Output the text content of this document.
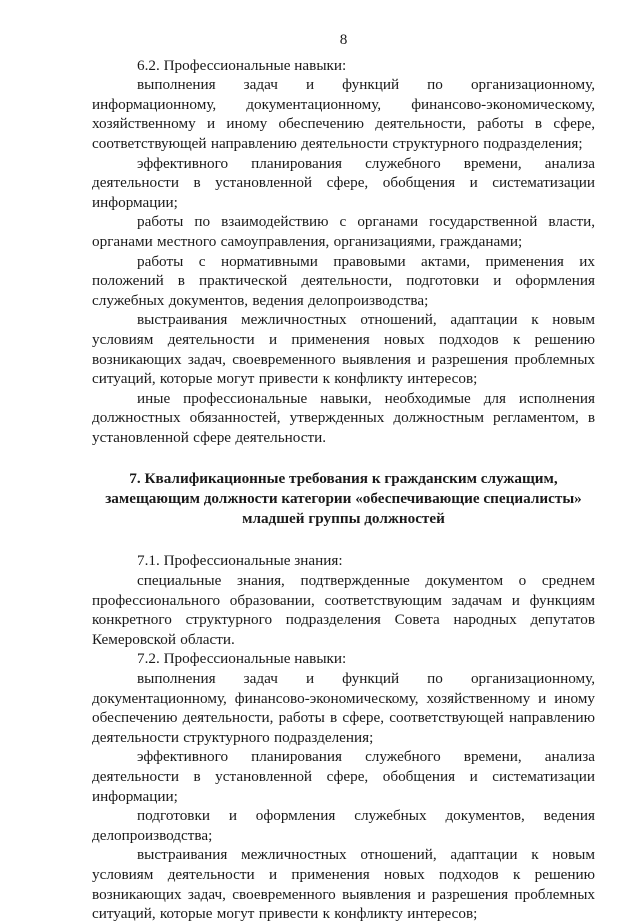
8

6.2. Профессиональные навыки:

выполнения задач и функций по организационному, информационному, документационному, финансово-экономическому, хозяйственному и иному обеспечению деятельности, работы в сфере, соответствующей направлению деятельности структурного подразделения;

эффективного планирования служебного времени, анализа деятельности в установленной сфере, обобщения и систематизации информации;

работы по взаимодействию с органами государственной власти, органами местного самоуправления, организациями, гражданами;

работы с нормативными правовыми актами, применения их положений в практической деятельности, подготовки и оформления служебных документов, ведения делопроизводства;

выстраивания межличностных отношений, адаптации к новым условиям деятельности и применения новых подходов к решению возникающих задач, своевременного выявления и разрешения проблемных ситуаций, которые могут привести к конфликту интересов;

иные профессиональные навыки, необходимые для исполнения должностных обязанностей, утвержденных должностным регламентом, в установленной сфере деятельности.

7. Квалификационные требования к гражданским служащим,
замещающим должности категории «обеспечивающие специалисты»
младшей группы должностей

7.1. Профессиональные знания:

специальные знания, подтвержденные документом о среднем профессионального образовании, соответствующим задачам и функциям конкретного структурного подразделения Совета народных депутатов Кемеровской области.

7.2. Профессиональные навыки:

выполнения задач и функций по организационному, документационному, финансово-экономическому, хозяйственному и иному обеспечению деятельности, работы в сфере, соответствующей направлению деятельности структурного подразделения;

эффективного планирования служебного времени, анализа деятельности в установленной сфере, обобщения и систематизации информации;

подготовки и оформления служебных документов, ведения делопроизводства;

выстраивания межличностных отношений, адаптации к новым условиям деятельности и применения новых подходов к решению возникающих задач, своевременного выявления и разрешения проблемных ситуаций, которые могут привести к конфликту интересов;
